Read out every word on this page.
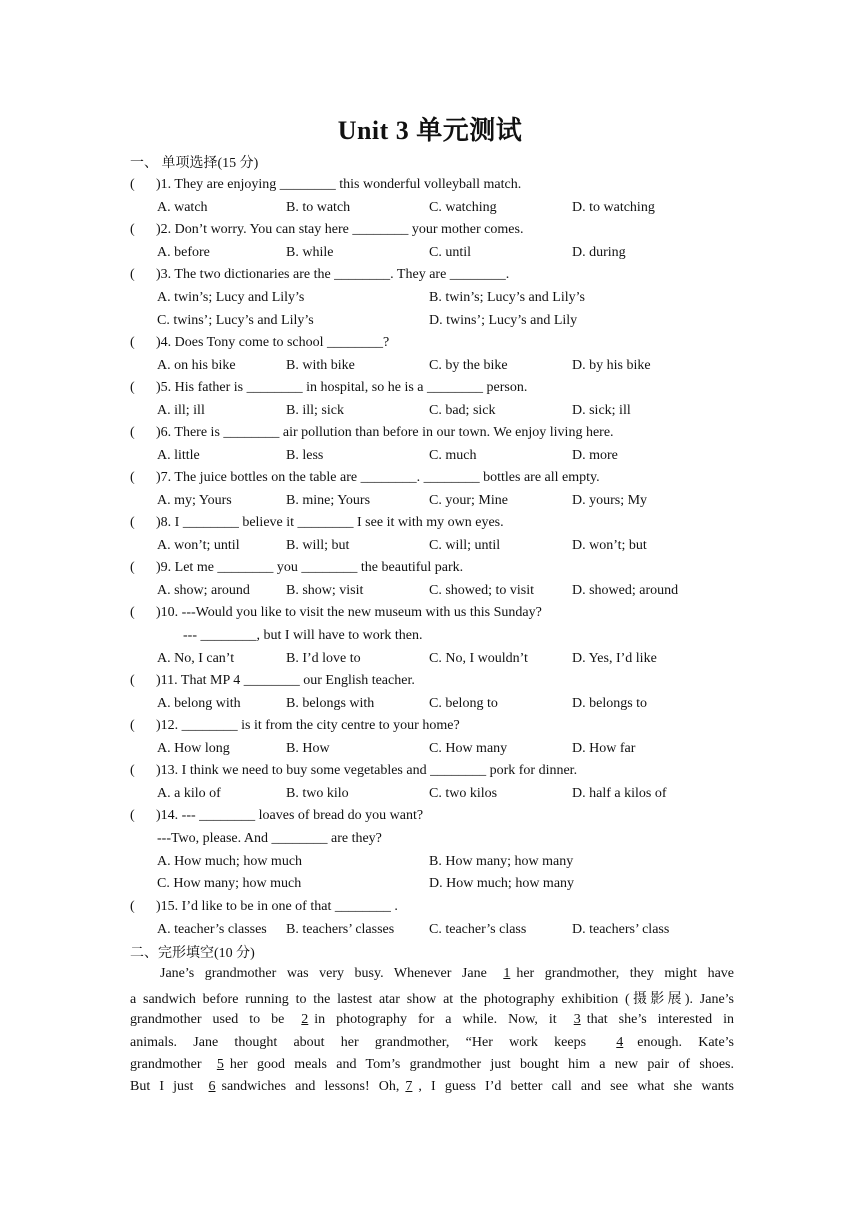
Unit 3 单元测试
一、 单项选择(15 分)
( )1. They are enjoying ________ this wonderful volleyball match.
A. watch	B. to watch	C. watching	D. to watching
( )2. Don’t worry. You can stay here ________ your mother comes.
A. before	B. while	C. until	D. during
( )3. The two dictionaries are the ________. They are ________.
A. twin’s; Lucy and Lily’s	B. twin’s; Lucy’s and Lily’s
C. twins’; Lucy’s and Lily’s	D. twins’; Lucy’s and Lily
( )4. Does Tony come to school ________?
A. on his bike	B. with bike	C. by the bike	D. by his bike
( )5. His father is ________ in hospital, so he is a ________ person.
A. ill; ill	B. ill; sick	C. bad; sick	D. sick; ill
( )6. There is ________ air pollution than before in our town. We enjoy living here.
A. little	B. less	C. much	D. more
( )7. The juice bottles on the table are ________. ________ bottles are all empty.
A. my; Yours	B. mine; Yours	C. your; Mine	D. yours; My
( )8. I ________ believe it ________ I see it with my own eyes.
A. won’t; until	B. will; but	C. will; until	D. won’t; but
( )9. Let me ________ you ________ the beautiful park.
A. show; around	B. show; visit	C. showed; to visit	D. showed; around
( )10. ---Would you like to visit the new museum with us this Sunday?
--- ________, but I will have to work then.
A. No, I can’t	B. I’d love to	C. No, I wouldn’t	D. Yes, I’d like
( )11. That MP 4 ________ our English teacher.
A. belong with	B. belongs with	C. belong to	D. belongs to
( )12. ________ is it from the city centre to your home?
A. How long	B. How	C. How many	D. How far
( )13. I think we need to buy some vegetables and ________ pork for dinner.
A. a kilo of	B. two kilo	C. two kilos	D. half a kilos of
( )14. --- ________ loaves of bread do you want?
---Two, please. And ________ are they?
A. How much; how much	B. How many; how many
C. How many; how much	D. How much; how many
( )15. I’d like to be in one of that ________ .
A. teacher’s classes B. teachers’ classes C. teacher’s class	D. teachers’ class
二、完形填空(10 分)
Jane’s grandmother was very busy. Whenever Jane 1 her grandmother, they might have
a sandwich before running to the lastest atar show at the photography exhibition (摄影展). Jane’s
grandmother used to be 2 in photography for a while. Now, it 3 that she’s interested in
animals. Jane thought about her grandmother, “Her work keeps 4 enough. Kate’s
grandmother 5 her good meals and Tom’s grandmother just bought him a new pair of shoes.
But I just 6 sandwiches and lessons! Oh, 7 , I guess I’d better call and see what she wants
